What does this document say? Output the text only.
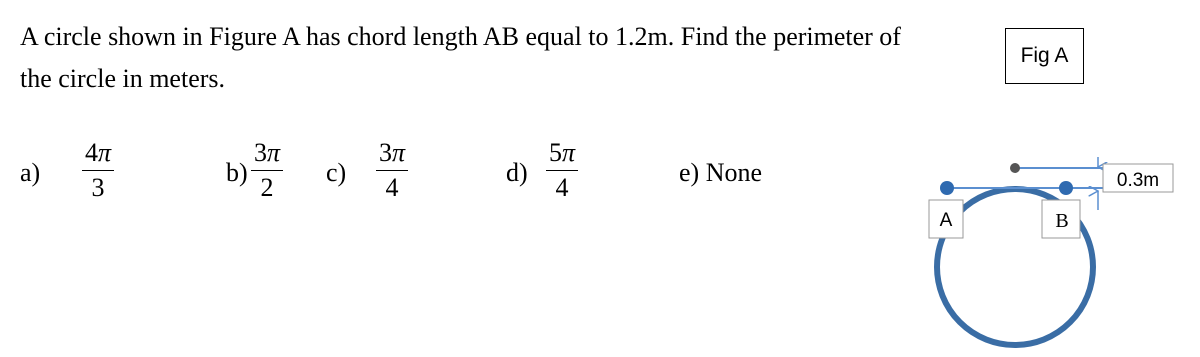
A circle shown in Figure A has chord length AB equal to 1.2m. Find the perimeter of the circle in meters.

a)
4π
3
b)
3π
2
c)
3π
4
d)
5π
4
e) None
Fig A
A	B
0.3m
